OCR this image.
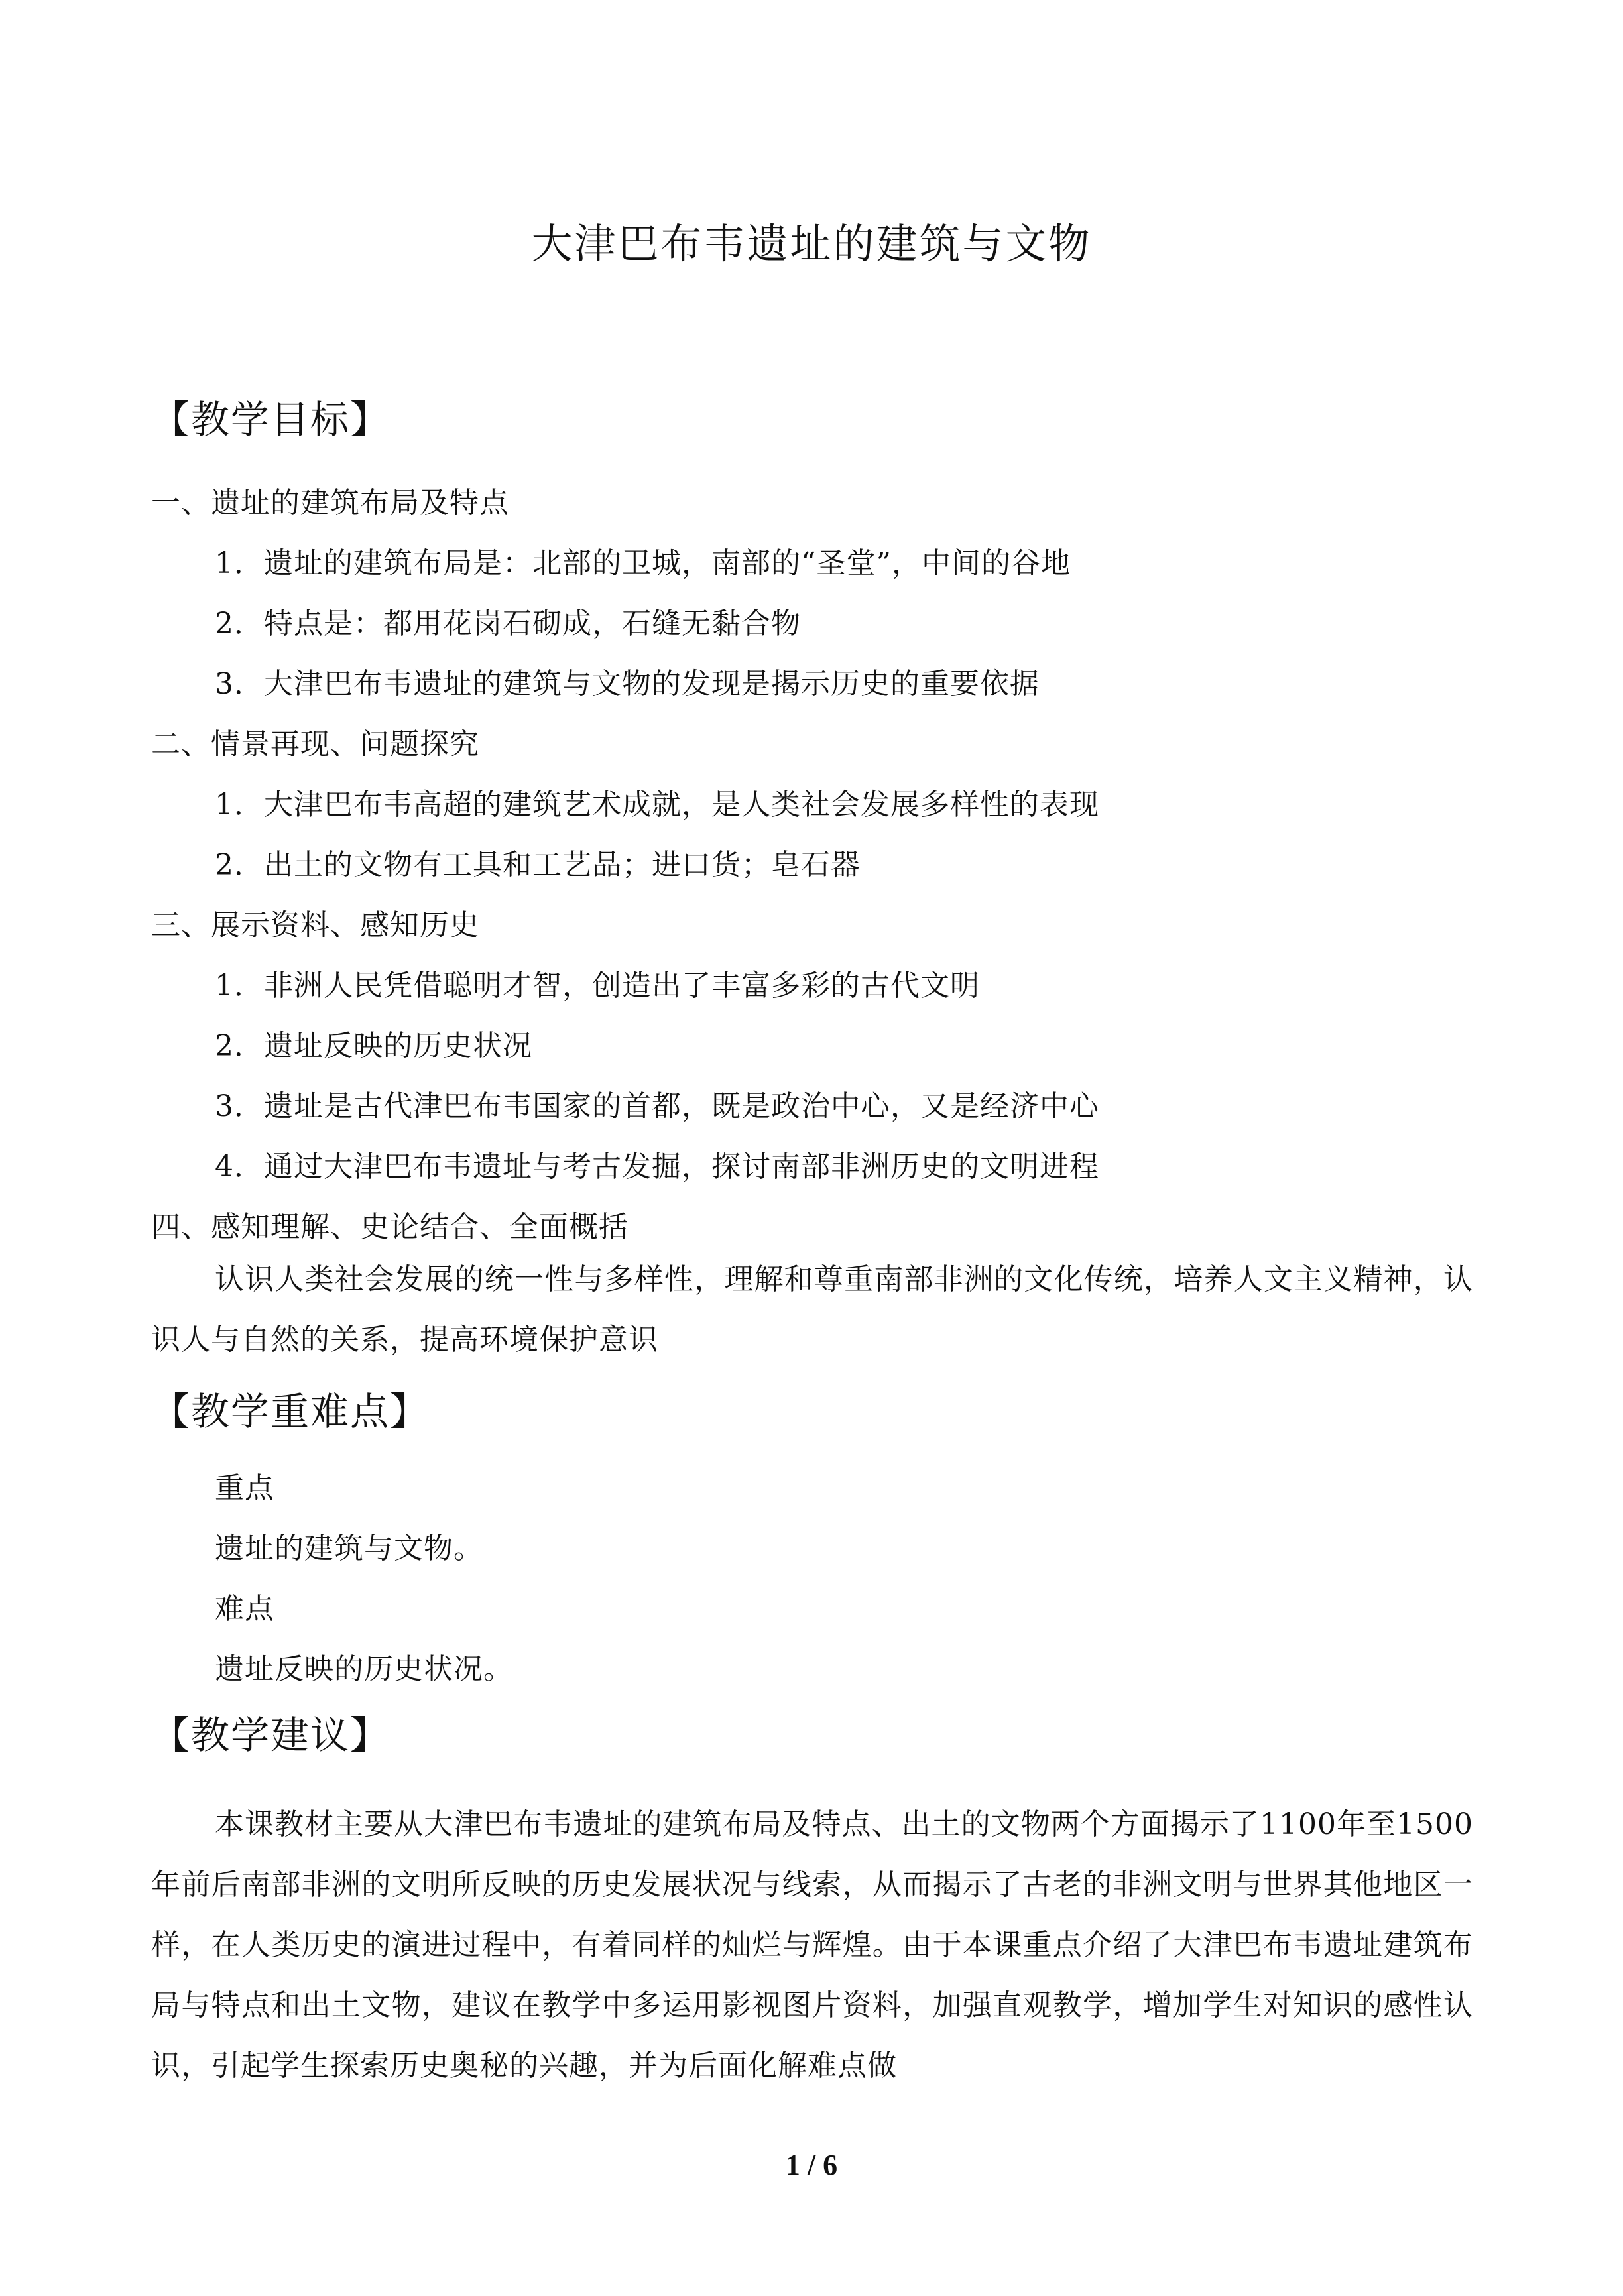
大津巴布韦遗址的建筑与文物
【教学目标】

一、遗址的建筑布局及特点

1．遗址的建筑布局是：北部的卫城，南部的“圣堂”，中间的谷地

2．特点是：都用花岗石砌成，石缝无黏合物

3．大津巴布韦遗址的建筑与文物的发现是揭示历史的重要依据

二、情景再现、问题探究

1．大津巴布韦高超的建筑艺术成就，是人类社会发展多样性的表现

2．出土的文物有工具和工艺品；进口货；皂石器

三、展示资料、感知历史

1．非洲人民凭借聪明才智，创造出了丰富多彩的古代文明

2．遗址反映的历史状况

3．遗址是古代津巴布韦国家的首都，既是政治中心，又是经济中心

4．通过大津巴布韦遗址与考古发掘，探讨南部非洲历史的文明进程

四、感知理解、史论结合、全面概括

认识人类社会发展的统一性与多样性，理解和尊重南部非洲的文化传统，培养人文主义精神，认识人与自然的关系，提高环境保护意识

【教学重难点】

重点

遗址的建筑与文物。

难点

遗址反映的历史状况。

【教学建议】

本课教材主要从大津巴布韦遗址的建筑布局及特点、出土的文物两个方面揭示了1100年至1500年前后南部非洲的文明所反映的历史发展状况与线索，从而揭示了古老的非洲文明与世界其他地区一样，在人类历史的演进过程中，有着同样的灿烂与辉煌。由于本课重点介绍了大津巴布韦遗址建筑布局与特点和出土文物，建议在教学中多运用影视图片资料，加强直观教学，增加学生对知识的感性认识，引起学生探索历史奥秘的兴趣，并为后面化解难点做

1 / 6
